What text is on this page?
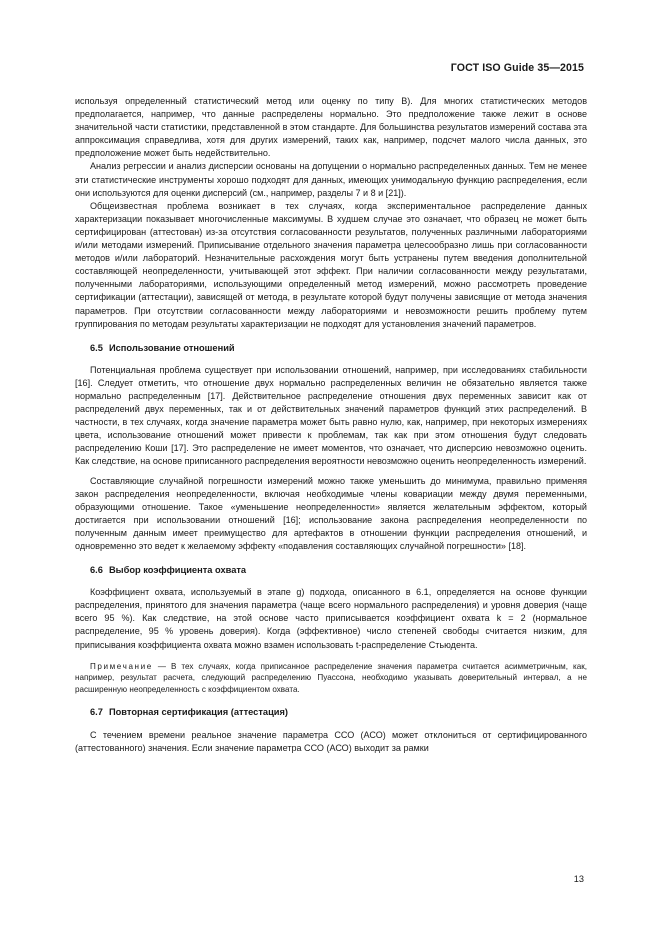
ГОСТ ISO Guide 35—2015

используя определенный статистический метод или оценку по типу B). Для многих статистических методов предполагается, например, что данные распределены нормально. Это предположение также лежит в основе значительной части статистики, представленной в этом стандарте. Для большинства результатов измерений состава эта аппроксимация справедлива, хотя для других измерений, таких как, например, подсчет малого числа данных, это предположение может быть недействительно.

Анализ регрессии и анализ дисперсии основаны на допущении о нормально распределенных данных. Тем не менее эти статистические инструменты хорошо подходят для данных, имеющих унимодальную функцию распределения, если они используются для оценки дисперсий (см., например, разделы 7 и 8 и [21]).

Общеизвестная проблема возникает в тех случаях, когда экспериментальное распределение данных характеризации показывает многочисленные максимумы. В худшем случае это означает, что образец не может быть сертифицирован (аттестован) из-за отсутствия согласованности результатов, полученных различными лабораториями и/или методами измерений. Приписывание отдельного значения параметра целесообразно лишь при согласованности методов и/или лабораторий. Незначительные расхождения могут быть устранены путем введения дополнительной составляющей неопределенности, учитывающей этот эффект. При наличии согласованности между результатами, полученными лабораториями, использующими определенный метод измерений, можно рассмотреть проведение сертификации (аттестации), зависящей от метода, в результате которой будут получены зависящие от метода значения параметров. При отсутствии согласованности между лабораториями и невозможности решить проблему путем группирования по методам результаты характеризации не подходят для установления значений параметров.

6.5 Использование отношений

Потенциальная проблема существует при использовании отношений, например, при исследованиях стабильности [16]. Следует отметить, что отношение двух нормально распределенных величин не обязательно является также нормально распределенным [17]. Действительное распределение отношения двух переменных зависит как от распределений двух переменных, так и от действительных значений параметров функций этих распределений. В частности, в тех случаях, когда значение параметра может быть равно нулю, как, например, при некоторых измерениях цвета, использование отношений может привести к проблемам, так как при этом отношения будут следовать распределению Коши [17]. Это распределение не имеет моментов, что означает, что дисперсию невозможно оценить. Как следствие, на основе приписанного распределения вероятности невозможно оценить неопределенность измерений.

Составляющие случайной погрешности измерений можно также уменьшить до минимума, правильно применяя закон распределения неопределенности, включая необходимые члены ковариации между двумя переменными, образующими отношение. Такое «уменьшение неопределенности» является желательным эффектом, который достигается при использовании отношений [16]; использование закона распределения неопределенности по полученным данным имеет преимущество для артефактов в отношении функции распределения отношений, и одновременно это ведет к желаемому эффекту «подавления составляющих случайной погрешности» [18].

6.6 Выбор коэффициента охвата

Коэффициент охвата, используемый в этапе g) подхода, описанного в 6.1, определяется на основе функции распределения, принятого для значения параметра (чаще всего нормального распределения) и уровня доверия (чаще всего 95 %). Как следствие, на этой основе часто приписывается коэффициент охвата k = 2 (нормальное распределение, 95 % уровень доверия). Когда (эффективное) число степеней свободы считается низким, для приписывания коэффициента охвата можно взамен использовать t-распределение Стьюдента.

Примечание — В тех случаях, когда приписанное распределение значения параметра считается асимметричным, как, например, результат расчета, следующий распределению Пуассона, необходимо указывать доверительный интервал, а не расширенную неопределенность с коэффициентом охвата.
6.7 Повторная сертификация (аттестация)

С течением времени реальное значение параметра ССО (АСО) может отклониться от сертифицированного (аттестованного) значения. Если значение параметра ССО (АСО) выходит за рамки

13
